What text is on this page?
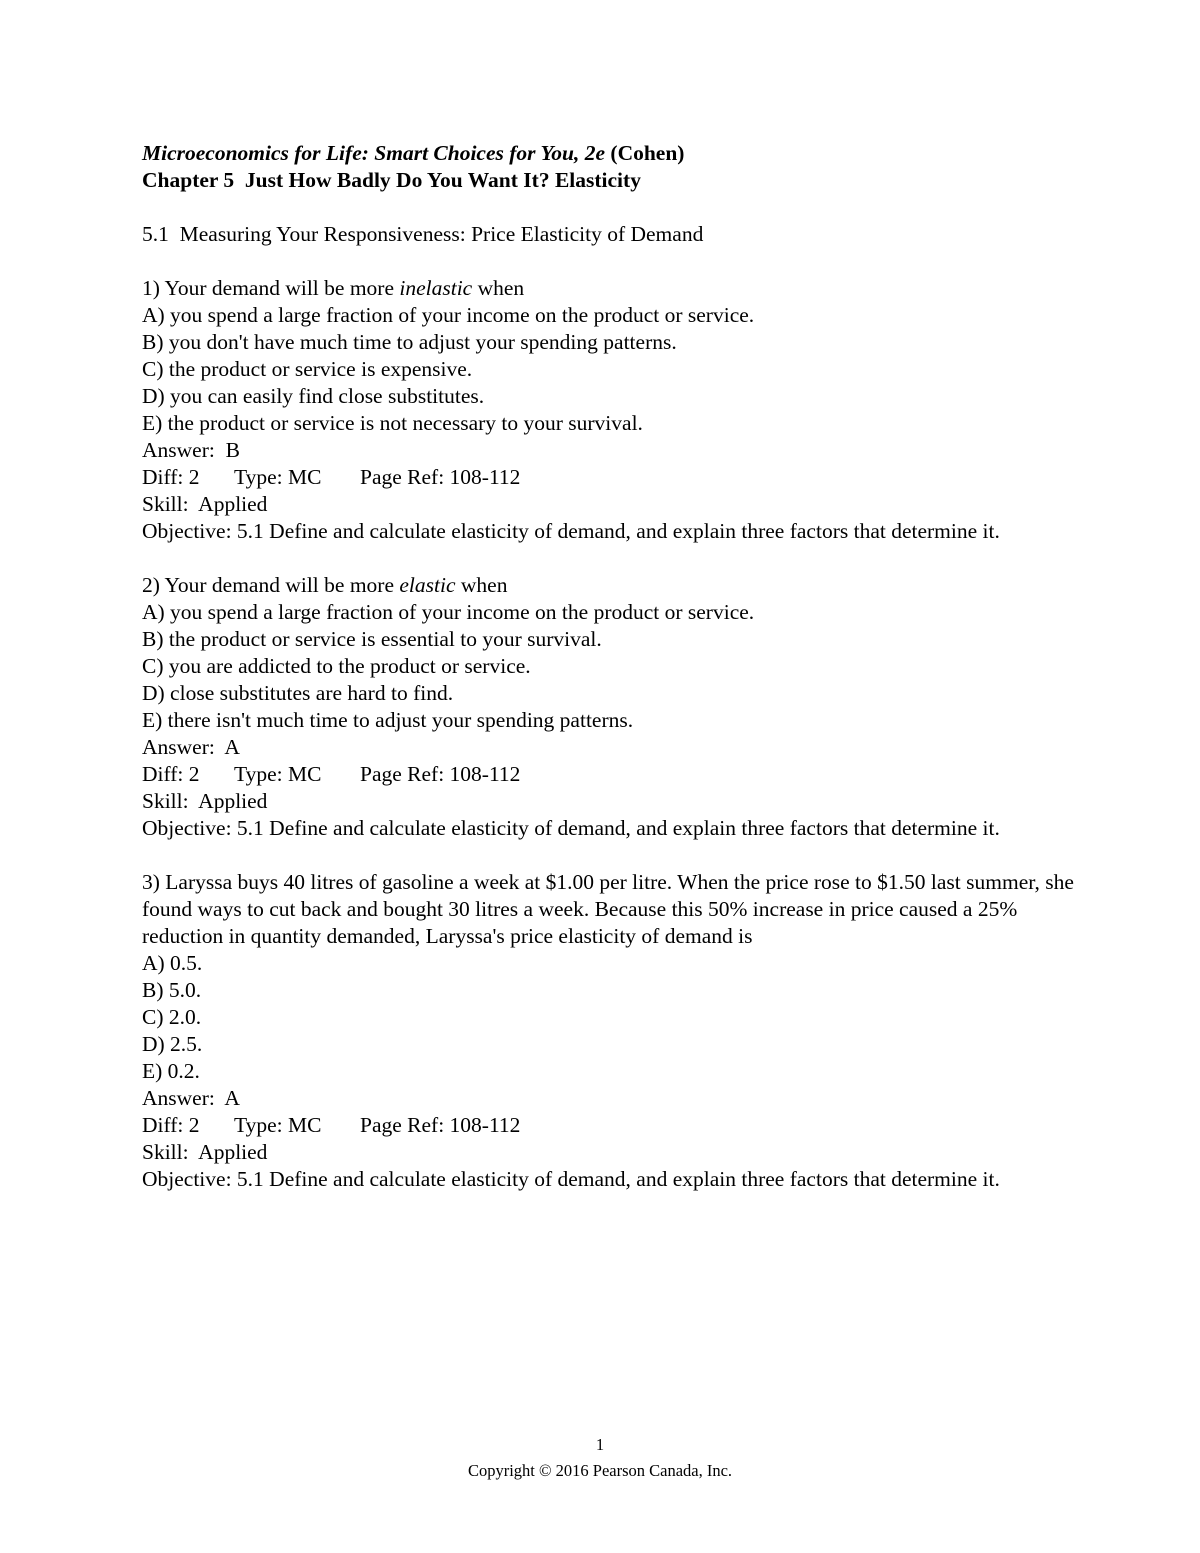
Microeconomics for Life: Smart Choices for You, 2e (Cohen)
Chapter 5  Just How Badly Do You Want It? Elasticity
5.1  Measuring Your Responsiveness: Price Elasticity of Demand
1) Your demand will be more inelastic when
A) you spend a large fraction of your income on the product or service.
B) you don't have much time to adjust your spending patterns.
C) the product or service is expensive.
D) you can easily find close substitutes.
E) the product or service is not necessary to your survival.
Answer:  B
Diff: 2 Type: MC Page Ref: 108-112
Skill:  Applied
Objective: 5.1 Define and calculate elasticity of demand, and explain three factors that determine it.
2) Your demand will be more elastic when
A) you spend a large fraction of your income on the product or service.
B) the product or service is essential to your survival.
C) you are addicted to the product or service.
D) close substitutes are hard to find.
E) there isn't much time to adjust your spending patterns.
Answer:  A
Diff: 2 Type: MC Page Ref: 108-112
Skill:  Applied
Objective: 5.1 Define and calculate elasticity of demand, and explain three factors that determine it.
3) Laryssa buys 40 litres of gasoline a week at $1.00 per litre. When the price rose to $1.50 last summer, she found ways to cut back and bought 30 litres a week. Because this 50% increase in price caused a 25% reduction in quantity demanded, Laryssa's price elasticity of demand is
A) 0.5.
B) 5.0.
C) 2.0.
D) 2.5.
E) 0.2.
Answer:  A
Diff: 2 Type: MC Page Ref: 108-112
Skill:  Applied
Objective: 5.1 Define and calculate elasticity of demand, and explain three factors that determine it.
1
Copyright © 2016 Pearson Canada, Inc.
